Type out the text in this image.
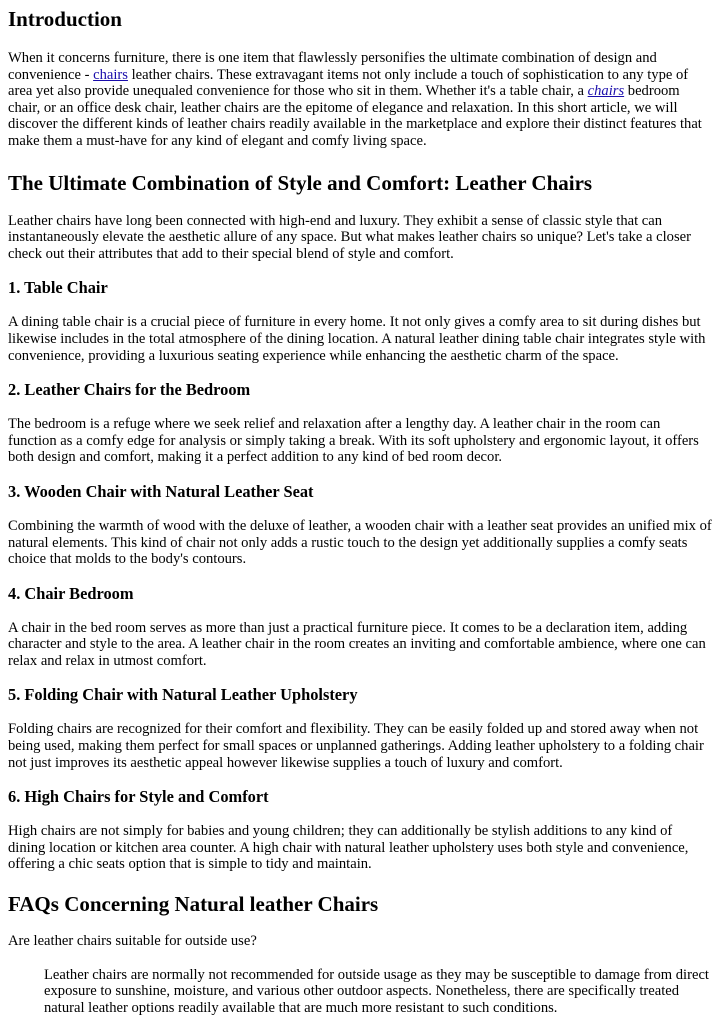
Introduction

When it concerns furniture, there is one item that flawlessly personifies the ultimate combination of design and convenience - chairs leather chairs. These extravagant items not only include a touch of sophistication to any type of area yet also provide unequaled convenience for those who sit in them. Whether it's a table chair, a chairs bedroom chair, or an office desk chair, leather chairs are the epitome of elegance and relaxation. In this short article, we will discover the different kinds of leather chairs readily available in the marketplace and explore their distinct features that make them a must-have for any kind of elegant and comfy living space.

The Ultimate Combination of Style and Comfort: Leather Chairs

Leather chairs have long been connected with high-end and luxury. They exhibit a sense of classic style that can instantaneously elevate the aesthetic allure of any space. But what makes leather chairs so unique? Let's take a closer check out their attributes that add to their special blend of style and comfort.

1. Table Chair

A dining table chair is a crucial piece of furniture in every home. It not only gives a comfy area to sit during dishes but likewise includes in the total atmosphere of the dining location. A natural leather dining table chair integrates style with convenience, providing a luxurious seating experience while enhancing the aesthetic charm of the space.

2. Leather Chairs for the Bedroom

The bedroom is a refuge where we seek relief and relaxation after a lengthy day. A leather chair in the room can function as a comfy edge for analysis or simply taking a break. With its soft upholstery and ergonomic layout, it offers both design and comfort, making it a perfect addition to any kind of bed room decor.

3. Wooden Chair with Natural Leather Seat

Combining the warmth of wood with the deluxe of leather, a wooden chair with a leather seat provides an unified mix of natural elements. This kind of chair not only adds a rustic touch to the design yet additionally supplies a comfy seats choice that molds to the body's contours.

4. Chair Bedroom

A chair in the bed room serves as more than just a practical furniture piece. It comes to be a declaration item, adding character and style to the area. A leather chair in the room creates an inviting and comfortable ambience, where one can relax and relax in utmost comfort.

5. Folding Chair with Natural Leather Upholstery

Folding chairs are recognized for their comfort and flexibility. They can be easily folded up and stored away when not being used, making them perfect for small spaces or unplanned gatherings. Adding leather upholstery to a folding chair not just improves its aesthetic appeal however likewise supplies a touch of luxury and comfort.

6. High Chairs for Style and Comfort

High chairs are not simply for babies and young children; they can additionally be stylish additions to any kind of dining location or kitchen area counter. A high chair with natural leather upholstery uses both style and convenience, offering a chic seats option that is simple to tidy and maintain.

FAQs Concerning Natural leather Chairs

Are leather chairs suitable for outside use?

Leather chairs are normally not recommended for outside usage as they may be susceptible to damage from direct exposure to sunshine, moisture, and various other outdoor aspects. Nonetheless, there are specifically treated natural leather options readily available that are much more resistant to such conditions.
